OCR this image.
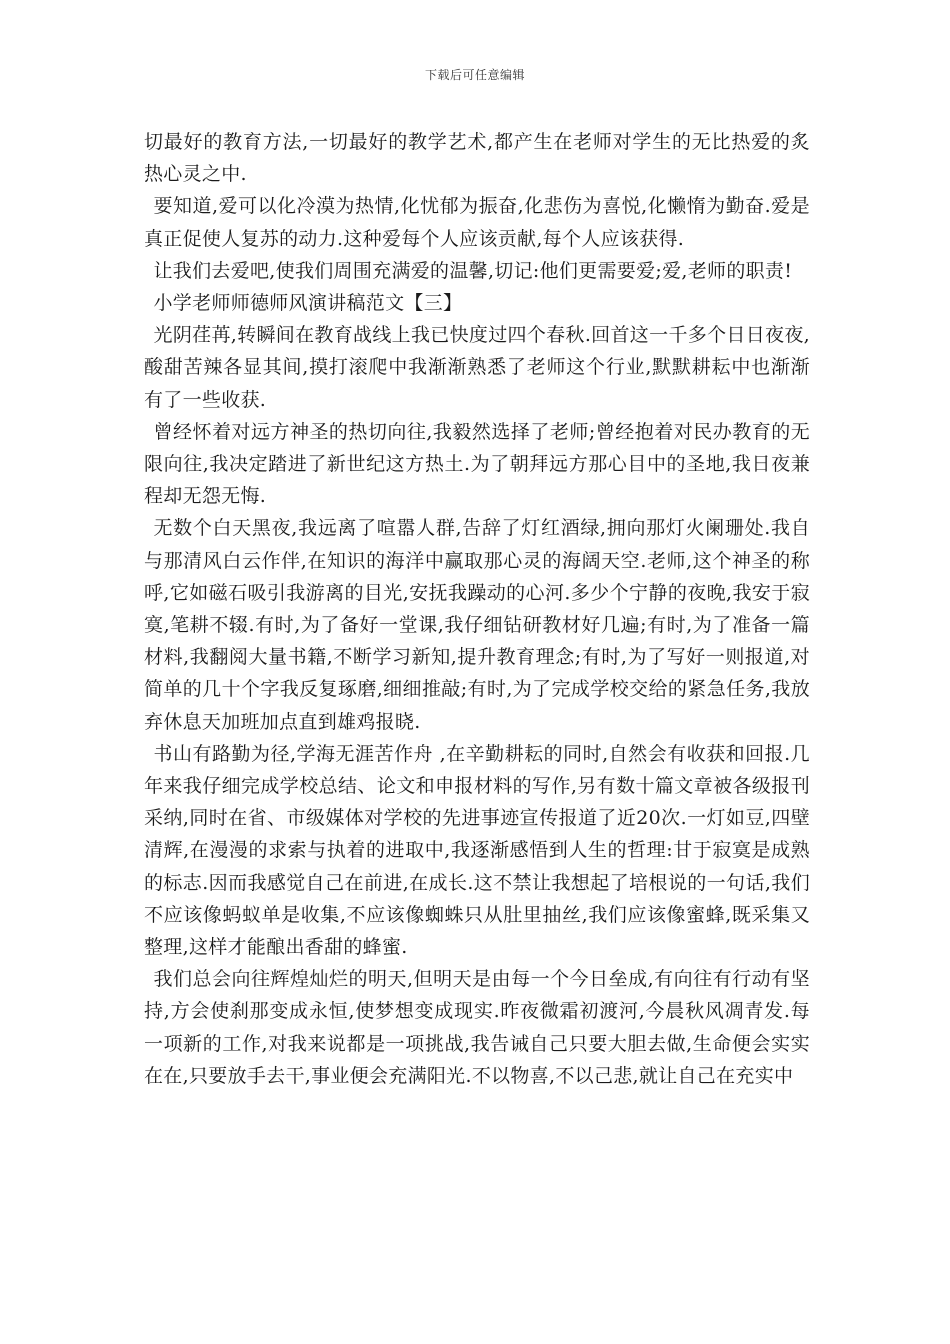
下载后可任意编辑

切最好的教育方法,一切最好的教学艺术,都产生在老师对学生的无比热爱的炙热心灵之中.

要知道,爱可以化冷漠为热情,化忧郁为振奋,化悲伤为喜悦,化懒惰为勤奋.爱是真正促使人复苏的动力.这种爱每个人应该贡献,每个人应该获得.

让我们去爱吧,使我们周围充满爱的温馨,切记:他们更需要爱;爱,老师的职责!

小学老师师德师风演讲稿范文【三】

光阴荏苒,转瞬间在教育战线上我已快度过四个春秋.回首这一千多个日日夜夜,酸甜苦辣各显其间,摸打滚爬中我渐渐熟悉了老师这个行业,默默耕耘中也渐渐有了一些收获.

曾经怀着对远方神圣的热切向往,我毅然选择了老师;曾经抱着对民办教育的无限向往,我决定踏进了新世纪这方热土.为了朝拜远方那心目中的圣地,我日夜兼程却无怨无悔.

无数个白天黑夜,我远离了喧嚣人群,告辞了灯红酒绿,拥向那灯火阑珊处.我自与那清风白云作伴,在知识的海洋中赢取那心灵的海阔天空.老师,这个神圣的称呼,它如磁石吸引我游离的目光,安抚我躁动的心河.多少个宁静的夜晚,我安于寂寞,笔耕不辍.有时,为了备好一堂课,我仔细钻研教材好几遍;有时,为了准备一篇材料,我翻阅大量书籍,不断学习新知,提升教育理念;有时,为了写好一则报道,对简单的几十个字我反复琢磨,细细推敲;有时,为了完成学校交给的紧急任务,我放弃休息天加班加点直到雄鸡报晓.

书山有路勤为径,学海无涯苦作舟 ,在辛勤耕耘的同时,自然会有收获和回报.几年来我仔细完成学校总结、论文和申报材料的写作,另有数十篇文章被各级报刊采纳,同时在省、市级媒体对学校的先进事迹宣传报道了近20次.一灯如豆,四壁清辉,在漫漫的求索与执着的进取中,我逐渐感悟到人生的哲理:甘于寂寞是成熟的标志.因而我感觉自己在前进,在成长.这不禁让我想起了培根说的一句话,我们不应该像蚂蚁单是收集,不应该像蜘蛛只从肚里抽丝,我们应该像蜜蜂,既采集又整理,这样才能酿出香甜的蜂蜜.

我们总会向往辉煌灿烂的明天,但明天是由每一个今日垒成,有向往有行动有坚持,方会使刹那变成永恒,使梦想变成现实.昨夜微霜初渡河,今晨秋风凋青发.每一项新的工作,对我来说都是一项挑战,我告诫自己只要大胆去做,生命便会实实在在,只要放手去干,事业便会充满阳光.不以物喜,不以己悲,就让自己在充实中
